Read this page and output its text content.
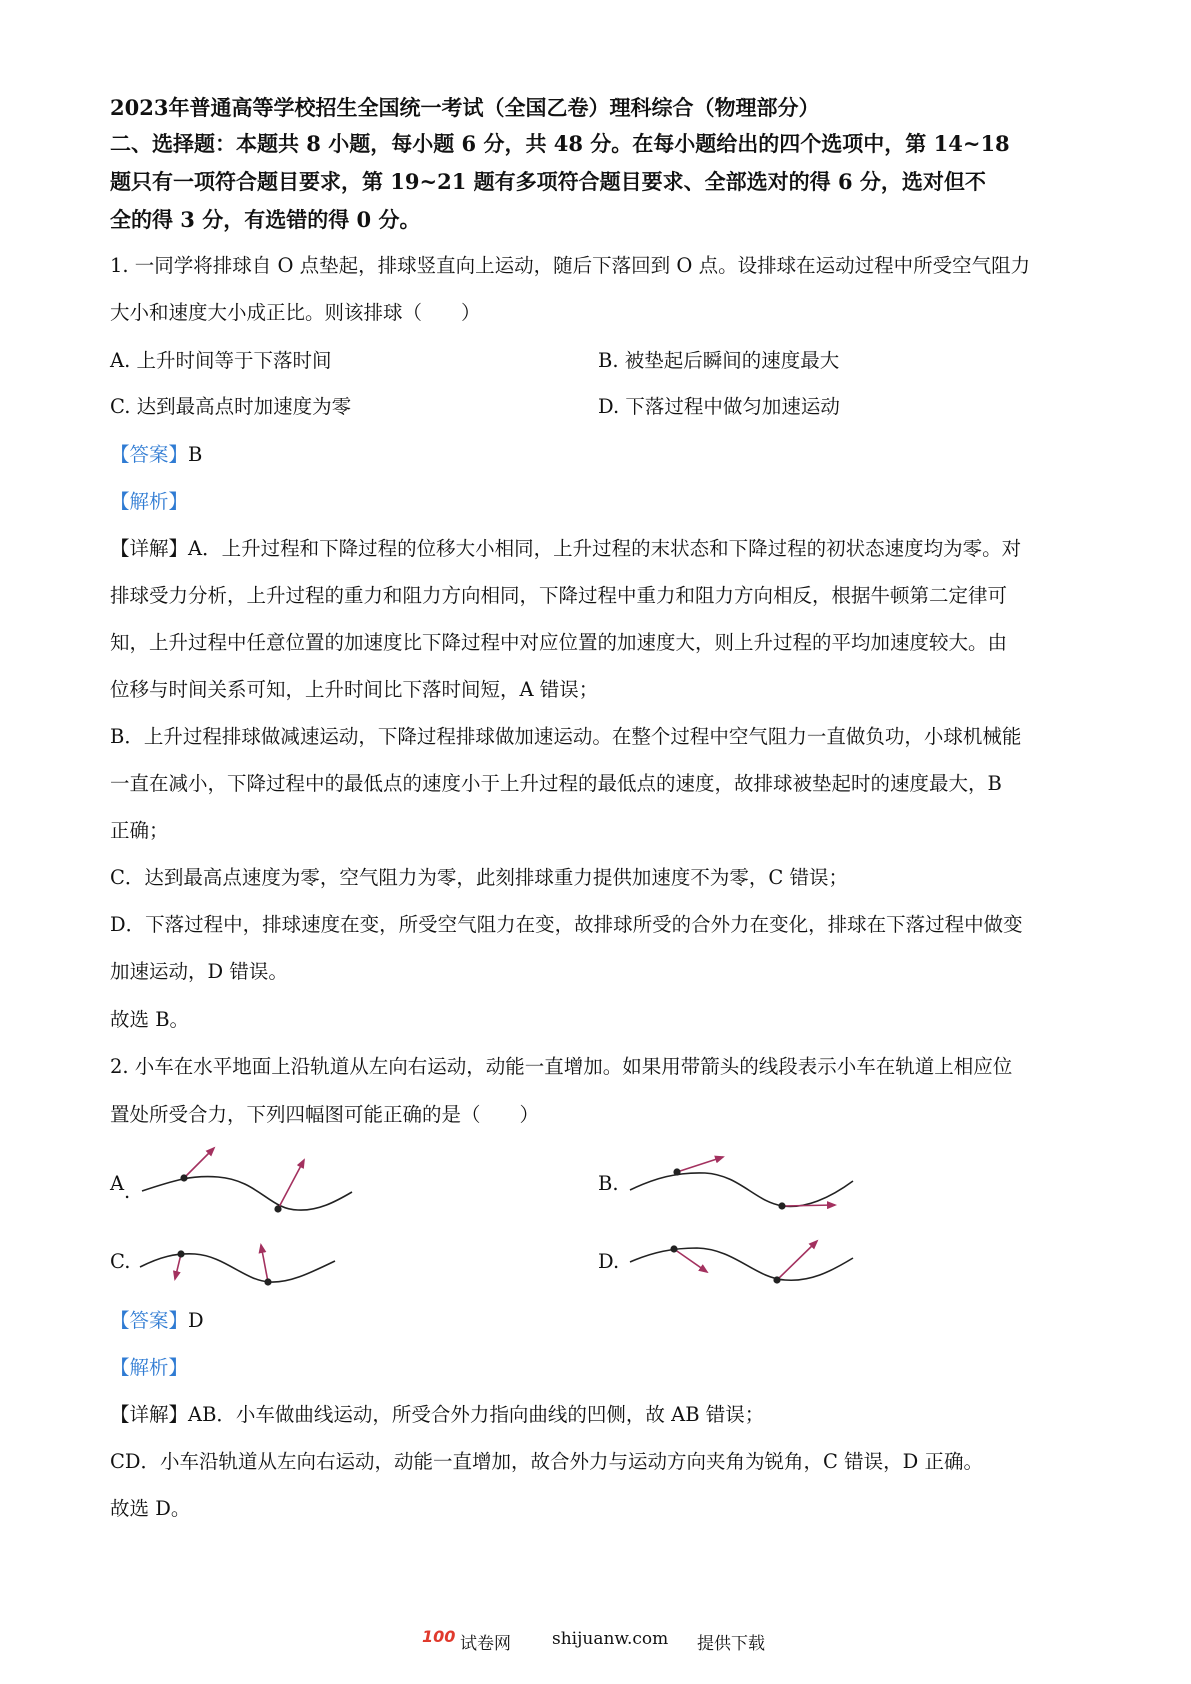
2023年普通高等学校招生全国统一考试（全国乙卷）理科综合（物理部分）
二、选择题：本题共 8 小题，每小题 6 分，共 48 分。在每小题给出的四个选项中，第 14~18
题只有一项符合题目要求，第 19~21 题有多项符合题目要求、全部选对的得 6 分，选对但不
全的得 3 分，有选错的得 0 分。
1. 一同学将排球自 O 点垫起，排球竖直向上运动，随后下落回到 O 点。设排球在运动过程中所受空气阻力
大小和速度大小成正比。则该排球（　　）
A. 上升时间等于下落时间	B. 被垫起后瞬间的速度最大
C. 达到最高点时加速度为零	D. 下落过程中做匀加速运动
【答案】B
【解析】
【详解】A．上升过程和下降过程的位移大小相同，上升过程的末状态和下降过程的初状态速度均为零。对
排球受力分析，上升过程的重力和阻力方向相同，下降过程中重力和阻力方向相反，根据牛顿第二定律可
知，上升过程中任意位置的加速度比下降过程中对应位置的加速度大，则上升过程的平均加速度较大。由
位移与时间关系可知，上升时间比下落时间短，A 错误；
B．上升过程排球做减速运动，下降过程排球做加速运动。在整个过程中空气阻力一直做负功，小球机械能
一直在减小，下降过程中的最低点的速度小于上升过程的最低点的速度，故排球被垫起时的速度最大，B
正确；
C．达到最高点速度为零，空气阻力为零，此刻排球重力提供加速度不为零，C 错误；
D．下落过程中，排球速度在变，所受空气阻力在变，故排球所受的合外力在变化，排球在下落过程中做变
加速运动，D 错误。
故选 B。
2. 小车在水平地面上沿轨道从左向右运动，动能一直增加。如果用带箭头的线段表示小车在轨道上相应位
置处所受合力，下列四幅图可能正确的是（　　）
A .	B.
C.	D.
【答案】D
【解析】
【详解】AB．小车做曲线运动，所受合外力指向曲线的凹侧，故 AB 错误；
CD．小车沿轨道从左向右运动，动能一直增加，故合外力与运动方向夹角为锐角，C 错误，D 正确。
故选 D。
100 试卷网 shijuanw.com 提供下载
